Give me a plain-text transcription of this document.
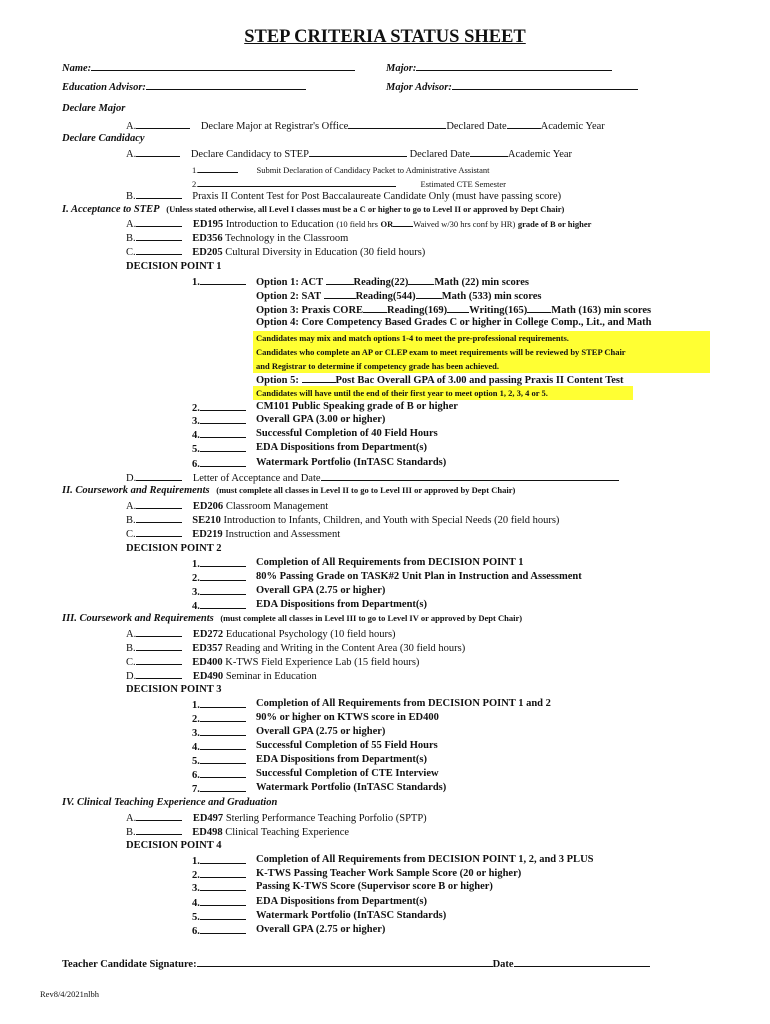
STEP CRITERIA STATUS SHEET
Name:	Major:
Education Advisor:	Major Advisor:
Declare Major
A.	Declare Major at Registrar's Office	Declared Date	Academic Year
Declare Candidacy
A.	Declare Candidacy to STEP	Declared Date	Academic Year
1.	Submit Declaration of Candidacy Packet to Administrative Assistant
2.	Estimated CTE Semester
B.	Praxis II Content Test for Post Baccalaureate Candidate Only (must have passing score)
I. Acceptance to STEP (Unless stated otherwise, all Level I classes must be a C or higher to go to Level II or approved by Dept Chair)
A.	ED195 Introduction to Education (10 field hrs OR Waived w/30 hrs conf by HR) grade of B or higher
B.	ED356 Technology in the Classroom
C.	ED205 Cultural Diversity in Education (30 field hours)
DECISION POINT 1
1.	Option 1: ACT	Reading(22) Math (22) min scores
Option 2: SAT	Reading(544) Math (533) min scores
Option 3: Praxis CORE Reading(169) Writing(165) Math (163) min scores
Option 4: Core Competency Based Grades C or higher in College Comp., Lit., and Math
Candidates may mix and match options 1-4 to meet the pre-professional requirements.
Candidates who complete an AP or CLEP exam to meet requirements will be reviewed by STEP Chair
and Registrar to determine if competency grade has been achieved.
Option 5:	Post Bac Overall GPA of 3.00 and passing Praxis II Content Test
Candidates will have until the end of their first year to meet option 1, 2, 3, 4 or 5.
2.	CM101 Public Speaking grade of B or higher
3.	Overall GPA (3.00 or higher)
4.	Successful Completion of 40 Field Hours
5.	EDA Dispositions from Department(s)
6.	Watermark Portfolio (InTASC Standards)
D.	Letter of Acceptance and Date
II. Coursework and Requirements (must complete all classes in Level II to go to Level III or approved by Dept Chair)
A.	ED206 Classroom Management
B.	SE210 Introduction to Infants, Children, and Youth with Special Needs (20 field hours)
C.	ED219 Instruction and Assessment
DECISION POINT 2
1.	Completion of All Requirements from DECISION POINT 1
2.	80% Passing Grade on TASK#2 Unit Plan in Instruction and Assessment
3.	Overall GPA (2.75 or higher)
4.	EDA Dispositions from Department(s)
III. Coursework and Requirements (must complete all classes in Level III to go to Level IV or approved by Dept Chair)
A.	ED272 Educational Psychology (10 field hours)
B.	ED357 Reading and Writing in the Content Area (30 field hours)
C.	ED400 K-TWS Field Experience Lab (15 field hours)
D.	ED490 Seminar in Education
DECISION POINT 3
1.	Completion of All Requirements from DECISION POINT 1 and 2
2.	90% or higher on KTWS score in ED400
3.	Overall GPA (2.75 or higher)
4.	Successful Completion of 55 Field Hours
5.	EDA Dispositions from Department(s)
6.	Successful Completion of CTE Interview
7.	Watermark Portfolio (InTASC Standards)
IV. Clinical Teaching Experience and Graduation
A.	ED497 Sterling Performance Teaching Porfolio (SPTP)
B.	ED498 Clinical Teaching Experience
DECISION POINT 4
1.	Completion of All Requirements from DECISION POINT 1, 2, and 3 PLUS
2.	K-TWS Passing Teacher Work Sample Score (20 or higher)
3.	Passing K-TWS Score (Supervisor score B or higher)
4.	EDA Dispositions from Department(s)
5.	Watermark Portfolio (InTASC Standards)
6.	Overall GPA (2.75 or higher)
Teacher Candidate Signature:	Date
Rev8/4/2021nlbh
